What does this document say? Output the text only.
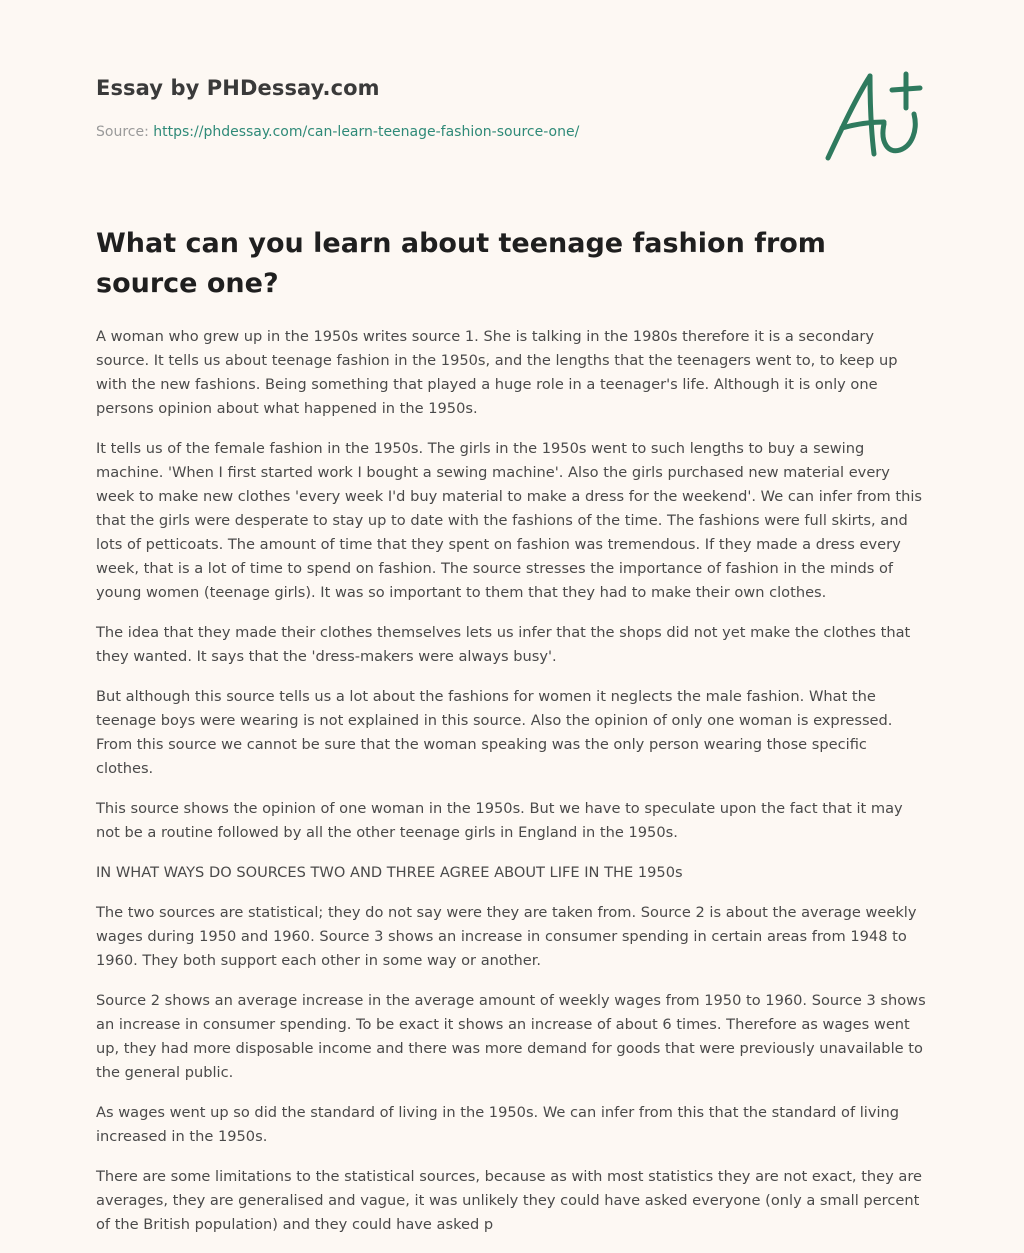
Essay by PHDessay.com
Source: https://phdessay.com/can-learn-teenage-fashion-source-one/
What can you learn about teenage fashion from source one?

A woman who grew up in the 1950s writes source 1. She is talking in the 1980s therefore it is a secondary source. It tells us about teenage fashion in the 1950s, and the lengths that the teenagers went to, to keep up with the new fashions. Being something that played a huge role in a teenager's life. Although it is only one persons opinion about what happened in the 1950s.

It tells us of the female fashion in the 1950s. The girls in the 1950s went to such lengths to buy a sewing machine. 'When I first started work I bought a sewing machine'. Also the girls purchased new material every week to make new clothes 'every week I'd buy material to make a dress for the weekend'. We can infer from this that the girls were desperate to stay up to date with the fashions of the time. The fashions were full skirts, and lots of petticoats. The amount of time that they spent on fashion was tremendous. If they made a dress every week, that is a lot of time to spend on fashion. The source stresses the importance of fashion in the minds of young women (teenage girls). It was so important to them that they had to make their own clothes.

The idea that they made their clothes themselves lets us infer that the shops did not yet make the clothes that they wanted. It says that the 'dress-makers were always busy'.

But although this source tells us a lot about the fashions for women it neglects the male fashion. What the teenage boys were wearing is not explained in this source. Also the opinion of only one woman is expressed. From this source we cannot be sure that the woman speaking was the only person wearing those specific clothes.

This source shows the opinion of one woman in the 1950s. But we have to speculate upon the fact that it may not be a routine followed by all the other teenage girls in England in the 1950s.

IN WHAT WAYS DO SOURCES TWO AND THREE AGREE ABOUT LIFE IN THE 1950s

The two sources are statistical; they do not say were they are taken from. Source 2 is about the average weekly wages during 1950 and 1960. Source 3 shows an increase in consumer spending in certain areas from 1948 to 1960. They both support each other in some way or another.

Source 2 shows an average increase in the average amount of weekly wages from 1950 to 1960. Source 3 shows an increase in consumer spending. To be exact it shows an increase of about 6 times. Therefore as wages went up, they had more disposable income and there was more demand for goods that were previously unavailable to the general public.

As wages went up so did the standard of living in the 1950s. We can infer from this that the standard of living increased in the 1950s.

There are some limitations to the statistical sources, because as with most statistics they are not exact, they are averages, they are generalised and vague, it was unlikely they could have asked everyone (only a small percent of the British population) and they could have asked p
